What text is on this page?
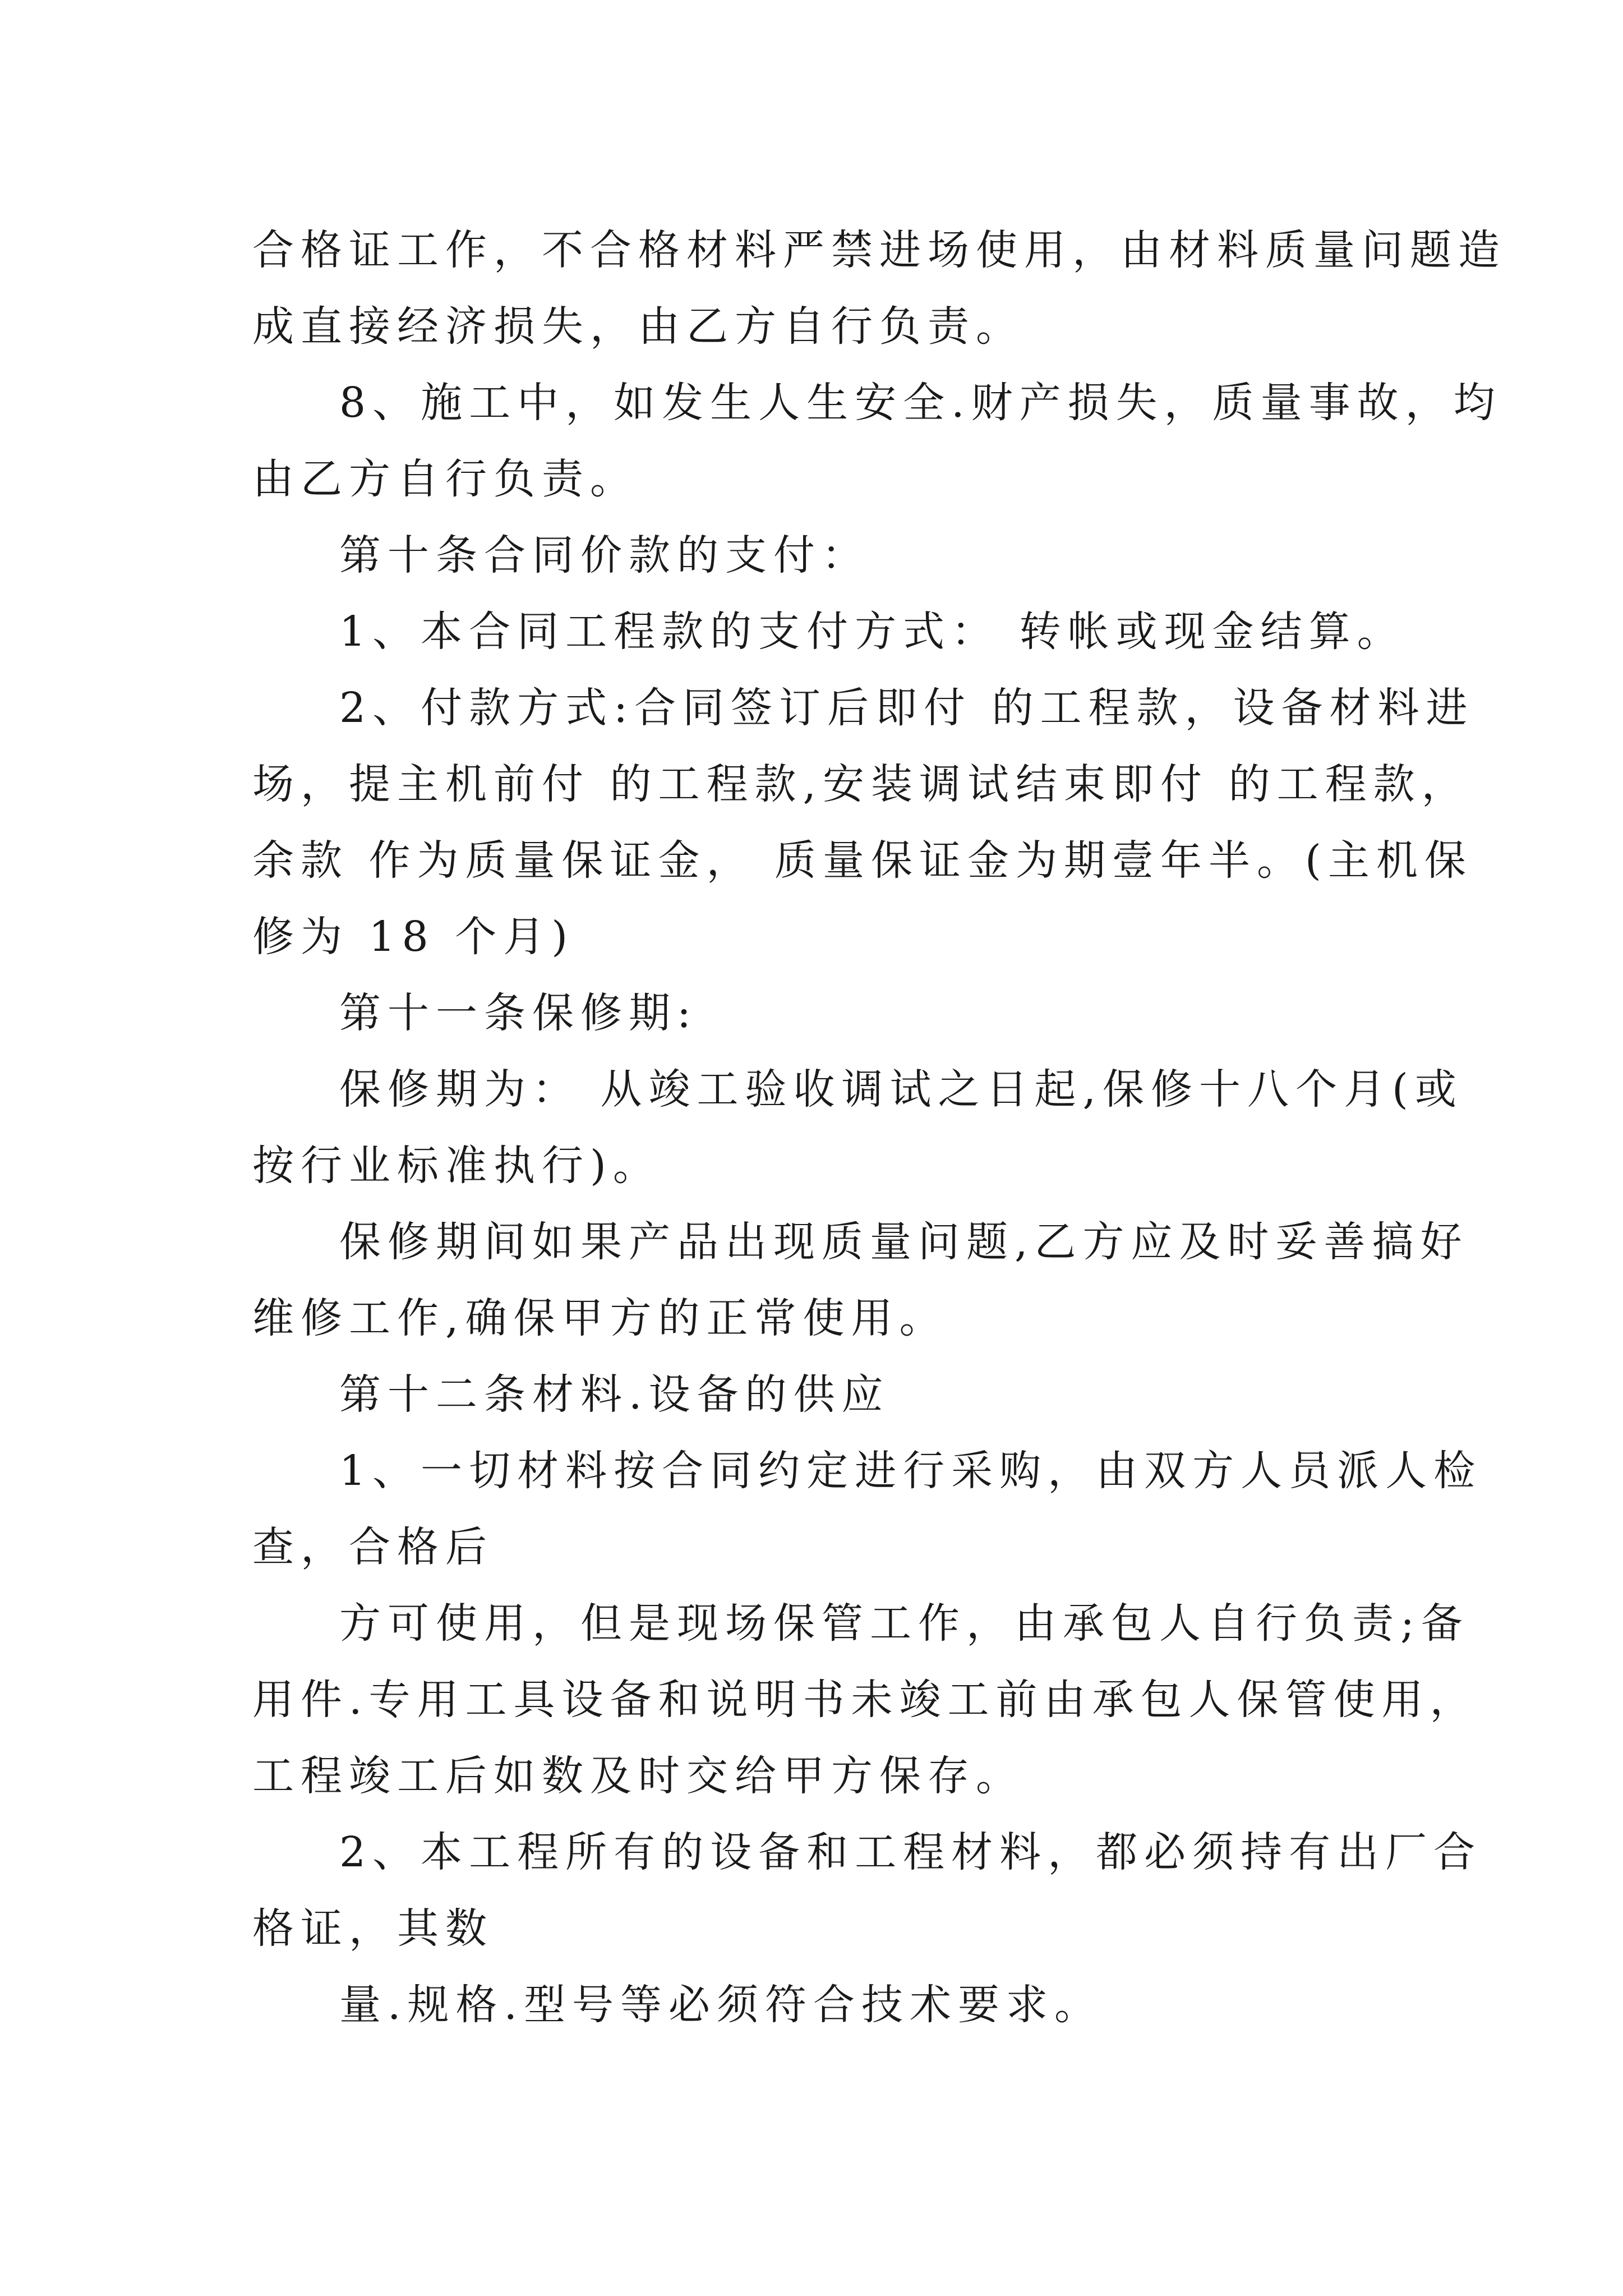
合格证工作，不合格材料严禁进场使用，由材料质量问题造
成直接经济损失，由乙方自行负责。
8、施工中，如发生人生安全.财产损失，质量事故，均
由乙方自行负责。
第十条合同价款的支付：
1、本合同工程款的支付方式： 转帐或现金结算。
2、付款方式:合同签订后即付 的工程款，设备材料进
场，提主机前付 的工程款,安装调试结束即付 的工程款，
余款 作为质量保证金， 质量保证金为期壹年半。(主机保
修为 18 个月)
第十一条保修期:
保修期为： 从竣工验收调试之日起,保修十八个月(或
按行业标准执行)。
保修期间如果产品出现质量问题,乙方应及时妥善搞好
维修工作,确保甲方的正常使用。
第十二条材料.设备的供应
1、一切材料按合同约定进行采购，由双方人员派人检
查，合格后
方可使用，但是现场保管工作，由承包人自行负责;备
用件.专用工具设备和说明书未竣工前由承包人保管使用，
工程竣工后如数及时交给甲方保存。
2、本工程所有的设备和工程材料，都必须持有出厂合
格证，其数
量.规格.型号等必须符合技术要求。
